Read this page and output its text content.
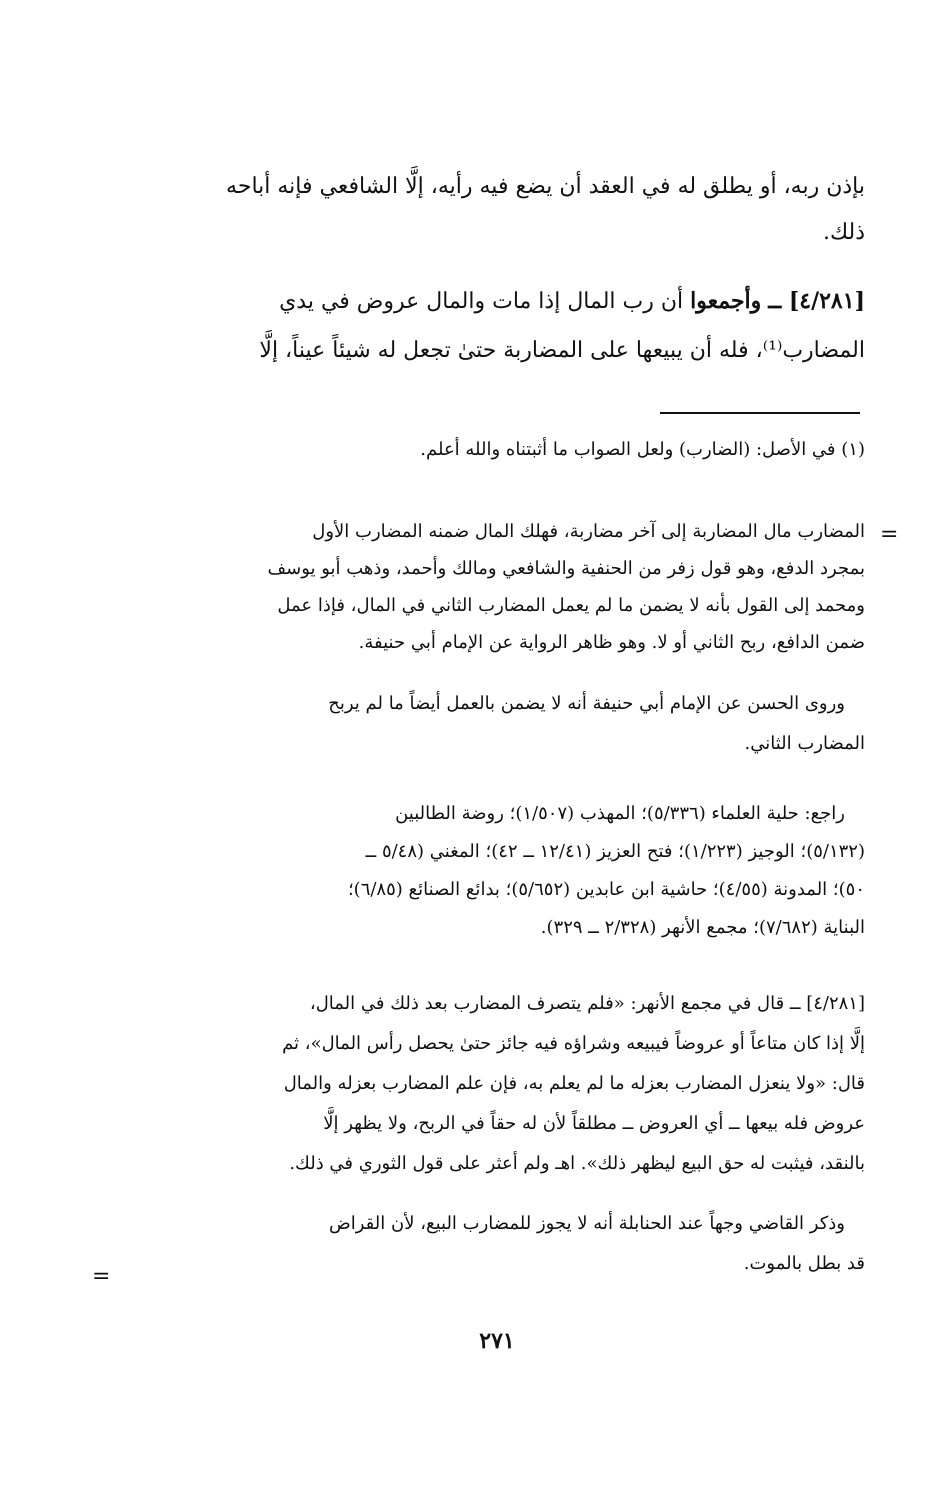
بإذن ربه، أو يطلق له في العقد أن يضع فيه رأيه، إلَّا الشافعي فإنه أباحه
ذلك.
[٤/٢٨١] ــ وأجمعوا أن رب المال إذا مات والمال عروض في يدي
المضارب⁽¹⁾، فله أن يبيعها على المضاربة حتىٰ تجعل له شيئاً عيناً، إلَّا
(١) في الأصل: (الضارب) ولعل الصواب ما أثبتناه والله أعلم.
=
المضارب مال المضاربة إلى آخر مضاربة، فهلك المال ضمنه المضارب الأول
بمجرد الدفع، وهو قول زفر من الحنفية والشافعي ومالك وأحمد، وذهب أبو يوسف
ومحمد إلى القول بأنه لا يضمن ما لم يعمل المضارب الثاني في المال، فإذا عمل
ضمن الدافع، ربح الثاني أو لا. وهو ظاهر الرواية عن الإمام أبي حنيفة.
وروى الحسن عن الإمام أبي حنيفة أنه لا يضمن بالعمل أيضاً ما لم يربح
المضارب الثاني.
راجع: حلية العلماء (٥/٣٣٦)؛ المهذب (١/٥٠٧)؛ روضة الطالبين
(٥/١٣٢)؛ الوجيز (١/٢٢٣)؛ فتح العزيز (١٢/٤١ ــ ٤٢)؛ المغني (٥/٤٨ ــ
٥٠)؛ المدونة (٤/٥٥)؛ حاشية ابن عابدين (٥/٦٥٢)؛ بدائع الصنائع (٦/٨٥)؛
البناية (٧/٦٨٢)؛ مجمع الأنهر (٢/٣٢٨ ــ ٣٢٩).
[٤/٢٨١] ــ قال في مجمع الأنهر: «فلم يتصرف المضارب بعد ذلك في المال،
إلَّا إذا كان متاعاً أو عروضاً فيبيعه وشراؤه فيه جائز حتىٰ يحصل رأس المال»، ثم
قال: «ولا ينعزل المضارب بعزله ما لم يعلم به، فإن علم المضارب بعزله والمال
عروض فله بيعها ــ أي العروض ــ مطلقاً لأن له حقاً في الربح، ولا يظهر إلَّا
بالنقد، فيثبت له حق البيع ليظهر ذلك». اهـ ولم أعثر على قول الثوري في ذلك.
وذكر القاضي وجهاً عند الحنابلة أنه لا يجوز للمضارب البيع، لأن القراض
قد بطل بالموت.
=
٢٧١
